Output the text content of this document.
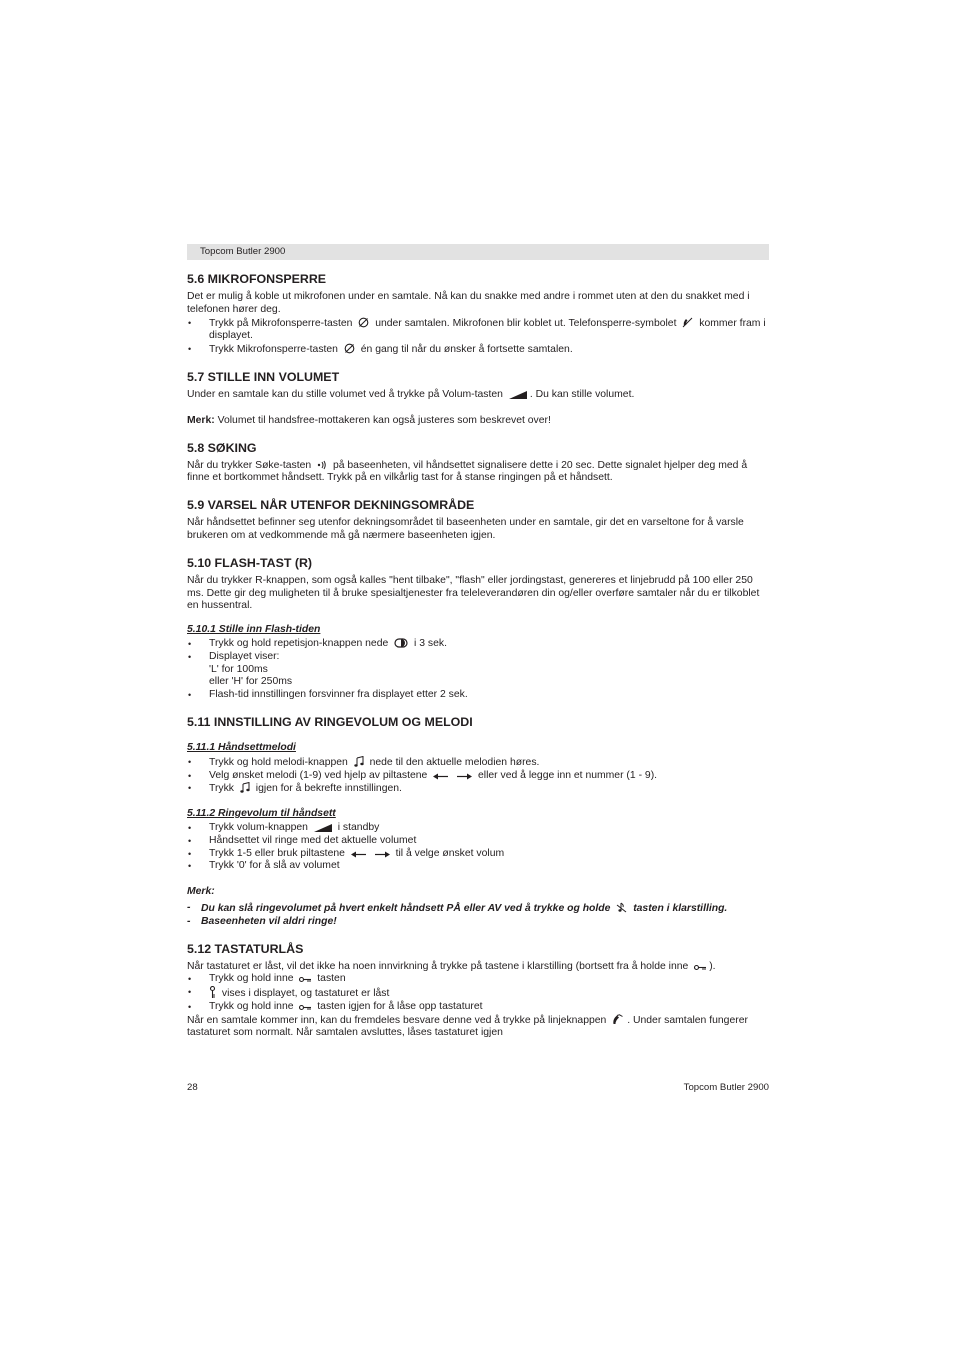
Topcom Butler 2900
5.6 MIKROFONSPERRE

Det er mulig å koble ut mikrofonen under en samtale. Nå kan du snakke med andre i rommet uten at den du snakket med i telefonen hører deg.

• Trykk på Mikrofonsperre-tasten under samtalen. Mikrofonen blir koblet ut. Telefonsperre-symbolet kommer fram i displayet.
• Trykk Mikrofonsperre-tasten én gang til når du ønsker å fortsette samtalen.
5.7 STILLE INN VOLUMET

Under en samtale kan du stille volumet ved å trykke på Volum-tasten	. Du kan stille volumet.

Merk: Volumet til handsfree-mottakeren kan også justeres som beskrevet over!

5.8 SØKING

Når du trykker Søke-tasten på baseenheten, vil håndsettet signalisere dette i 20 sec. Dette signalet hjelper deg med å finne et bortkommet håndsett. Trykk på en vilkårlig tast for å stanse ringingen på et håndsett.

5.9 VARSEL NÅR UTENFOR DEKNINGSOMRÅDE

Når håndsettet befinner seg utenfor dekningsområdet til baseenheten under en samtale, gir det en varseltone for å varsle brukeren om at vedkommende må gå nærmere baseenheten igjen.

5.10 FLASH-TAST (R)

Når du trykker R-knappen, som også kalles "hent tilbake", "flash" eller jordingstast, genereres et linjebrudd på 100 eller 250 ms. Dette gir deg muligheten til å bruke spesialtjenester fra teleleverandøren din og/eller overføre samtaler når du er tilkoblet en hussentral.

5.10.1 Stille inn Flash-tiden

• Trykk og hold repetisjon-knappen nede i 3 sek.
• Displayet viser:
'L' for 100ms
eller 'H' for 250ms
• Flash-tid innstillingen forsvinner fra displayet etter 2 sek.
5.11 INNSTILLING AV RINGEVOLUM OG MELODI

5.11.1 Håndsettmelodi

• Trykk og hold melodi-knappen nede til den aktuelle melodien høres.
• Velg ønsket melodi (1-9) ved hjelp av piltastene
	eller ved å legge inn et nummer (1 - 9).
• Trykk igjen for å bekrefte innstillingen.

5.11.2 Ringevolum til håndsett

• Trykk volum-knappen	i standby
• Håndsettet vil ringe med det aktuelle volumet
• Trykk 1-5 eller bruk piltastene
	til å velge ønsket volum
• Trykk '0' for å slå av volumet

Merk:

- Du kan slå ringevolumet på hvert enkelt håndsett PÅ eller AV ved å trykke og holde tasten i klarstilling.

- Baseenheten vil aldri ringe!

5.12 TASTATURLÅS

Når tastaturet er låst, vil det ikke ha noen innvirkning å trykke på tastene i klarstilling (bortsett fra å holde inne ).

• Trykk og hold inne tasten
• vises i displayet, og tastaturet er låst
• Trykk og hold inne tasten igjen for å låse opp tastaturet

Når en samtale kommer inn, kan du fremdeles besvare denne ved å trykke på linjeknappen . Under samtalen fungerer tastaturet som normalt. Når samtalen avsluttes, låses tastaturet igjen

28	Topcom Butler 2900
